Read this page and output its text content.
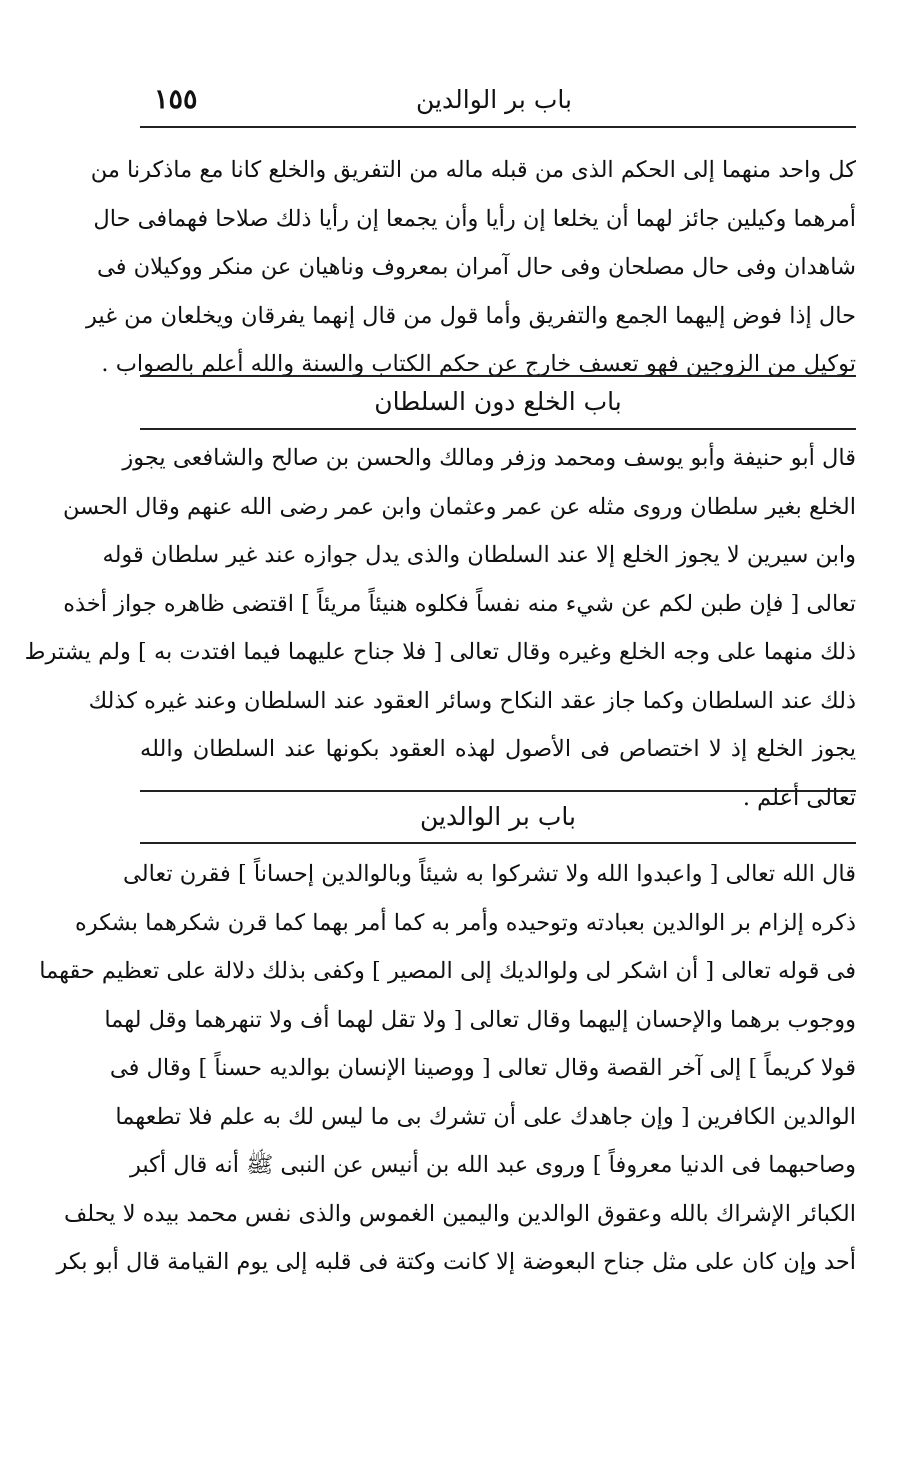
باب بر الوالدين
١٥٥
كل واحد منهما إلى الحكم الذى من قبله ماله من التفريق والخلع كانا مع ماذكرنا من
أمرهما وكيلين جائز لهما أن يخلعا إن رأيا وأن يجمعا إن رأيا ذلك صلاحا فهمافى حال
شاهدان وفى حال مصلحان وفى حال آمران بمعروف وناهيان عن منكر ووكيلان فى
حال إذا فوض إليهما الجمع والتفريق وأما قول من قال إنهما يفرقان ويخلعان من غير
توكيل من الزوجين فهو تعسف خارج عن حكم الكتاب والسنة والله أعلم بالصواب .
باب الخلع دون السلطان
قال أبو حنيفة وأبو يوسف ومحمد وزفر ومالك والحسن بن صالح والشافعى يجوز
الخلع بغير سلطان وروى مثله عن عمر وعثمان وابن عمر رضى الله عنهم وقال الحسن
وابن سيرين لا يجوز الخلع إلا عند السلطان والذى يدل جوازه عند غير سلطان قوله
تعالى [ فإن طبن لكم عن شيء منه نفساً فكلوه هنيئاً مريئاً ] اقتضى ظاهره جواز أخذه
ذلك منهما على وجه الخلع وغيره وقال تعالى [ فلا جناح عليهما فيما افتدت به ] ولم يشترط
ذلك عند السلطان وكما جاز عقد النكاح وسائر العقود عند السلطان وعند غيره كذلك
يجوز الخلع إذ لا اختصاص فى الأصول لهذه العقود بكونها عند السلطان والله
تعالى أعلم .
باب بر الوالدين
قال الله تعالى [ واعبدوا الله ولا تشركوا به شيئاً وبالوالدين إحساناً ] فقرن تعالى
ذكره إلزام بر الوالدين بعبادته وتوحيده وأمر به كما أمر بهما كما قرن شكرهما بشكره
فى قوله تعالى [ أن اشكر لى ولوالديك إلى المصير ] وكفى بذلك دلالة على تعظيم حقهما
ووجوب برهما والإحسان إليهما وقال تعالى [ ولا تقل لهما أف ولا تنهرهما وقل لهما
قولا كريماً ] إلى آخر القصة وقال تعالى [ ووصينا الإنسان بوالديه حسناً ] وقال فى
الوالدين الكافرين [ وإن جاهدك على أن تشرك بى ما ليس لك به علم فلا تطعهما
وصاحبهما فى الدنيا معروفاً ] وروى عبد الله بن أنيس عن النبى ﷺ أنه قال أكبر
الكبائر الإشراك بالله وعقوق الوالدين واليمين الغموس والذى نفس محمد بيده لا يحلف
أحد وإن كان على مثل جناح البعوضة إلا كانت وكتة فى قلبه إلى يوم القيامة قال أبو بكر
